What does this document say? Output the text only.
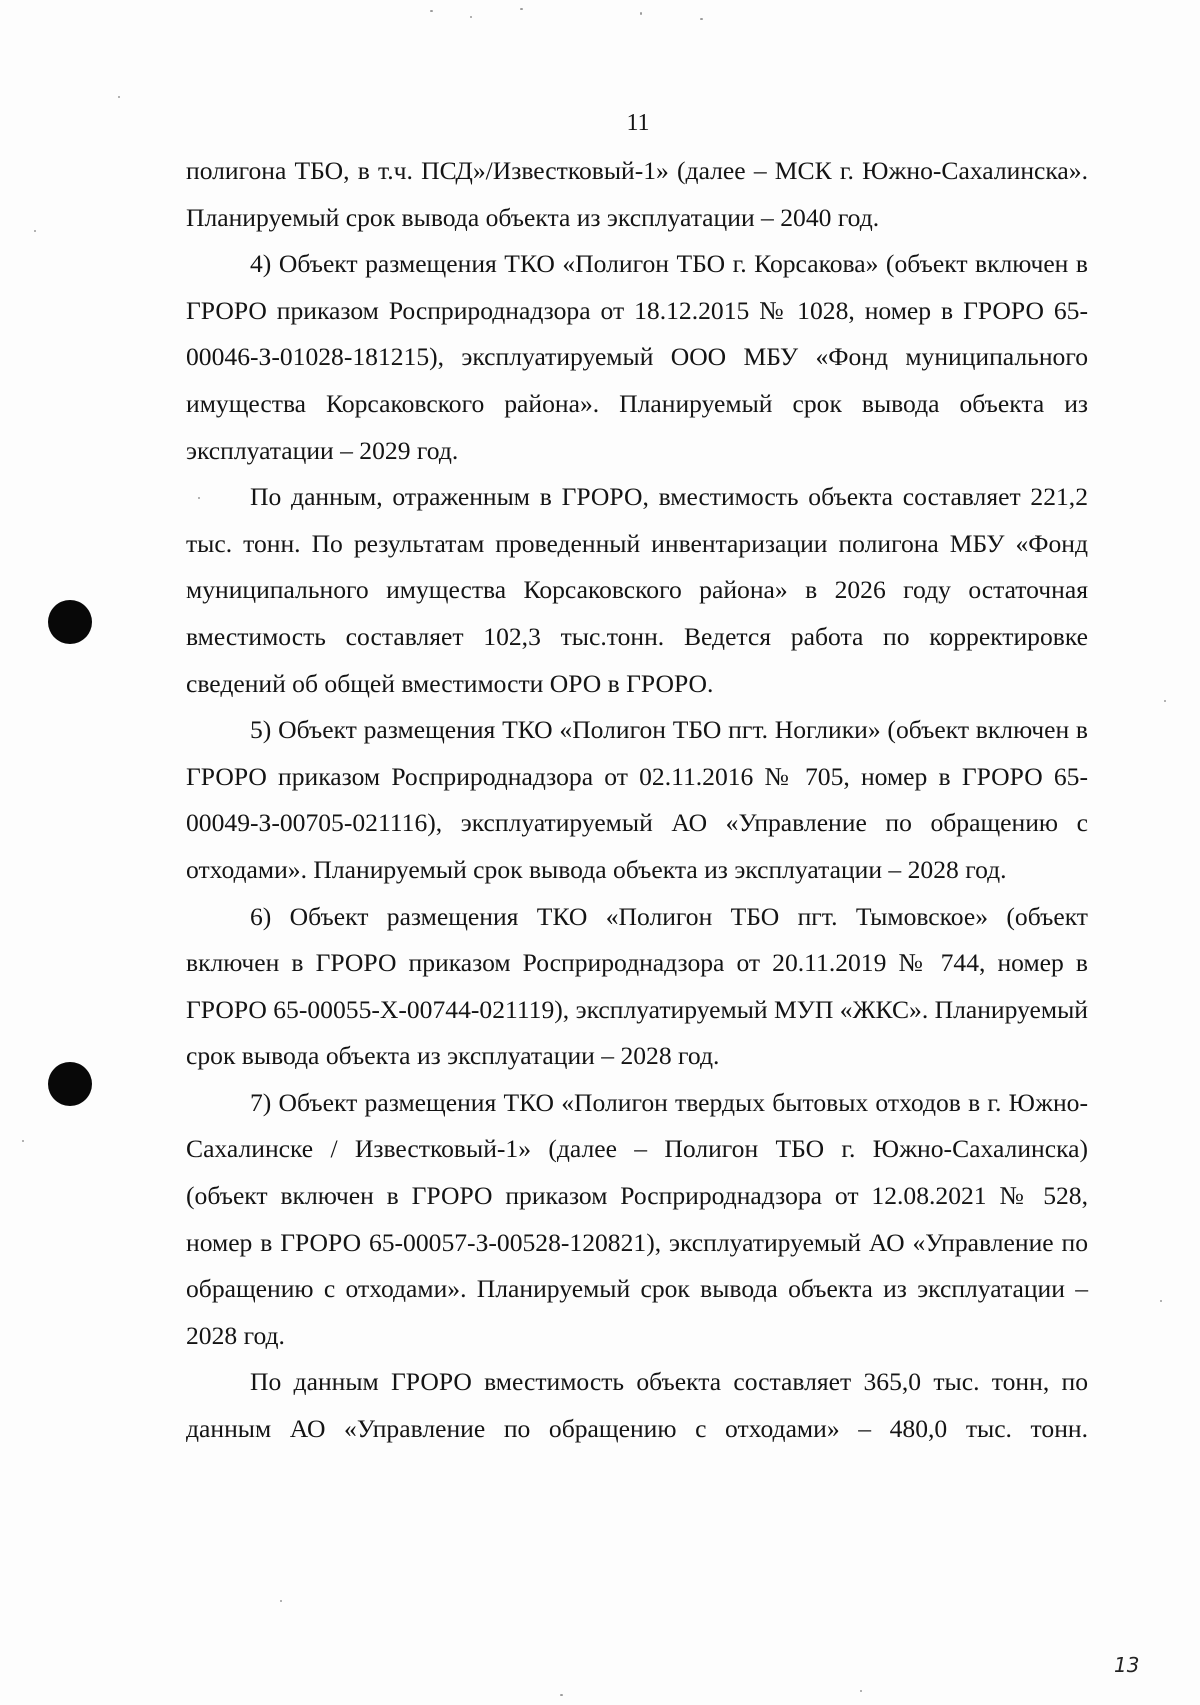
11

полигона ТБО, в т.ч. ПСД»/Известковый-1» (далее – МСК г. Южно-Сахалинска». Планируемый срок вывода объекта из эксплуатации – 2040 год.

4) Объект размещения ТКО «Полигон ТБО г. Корсакова» (объект включен в ГРОРО приказом Росприроднадзора от 18.12.2015 № 1028, номер в ГРОРО 65-00046-З-01028-181215), эксплуатируемый ООО МБУ «Фонд муниципального имущества Корсаковского района». Планируемый срок вывода объекта из эксплуатации – 2029 год.

По данным, отраженным в ГРОРО, вместимость объекта составляет 221,2 тыс. тонн. По результатам проведенный инвентаризации полигона МБУ «Фонд муниципального имущества Корсаковского района» в 2026 году остаточная вместимость составляет 102,3 тыс.тонн. Ведется работа по корректировке сведений об общей вместимости ОРО в ГРОРО.

5) Объект размещения ТКО «Полигон ТБО пгт. Ноглики» (объект включен в ГРОРО приказом Росприроднадзора от 02.11.2016 № 705, номер в ГРОРО 65-00049-З-00705-021116), эксплуатируемый АО «Управление по обращению с отходами». Планируемый срок вывода объекта из эксплуатации – 2028 год.

6) Объект размещения ТКО «Полигон ТБО пгт. Тымовское» (объект включен в ГРОРО приказом Росприроднадзора от 20.11.2019 № 744, номер в ГРОРО 65-00055-Х-00744-021119), эксплуатируемый МУП «ЖКС». Планируемый срок вывода объекта из эксплуатации – 2028 год.

7) Объект размещения ТКО «Полигон твердых бытовых отходов в г. Южно-Сахалинске / Известковый-1» (далее – Полигон ТБО г. Южно-Сахалинска) (объект включен в ГРОРО приказом Росприроднадзора от 12.08.2021 № 528, номер в ГРОРО 65-00057-З-00528-120821), эксплуатируемый АО «Управление по обращению с отходами». Планируемый срок вывода объекта из эксплуатации – 2028 год.

По данным ГРОРО вместимость объекта составляет 365,0 тыс. тонн, по данным АО «Управление по обращению с отходами» – 480,0 тыс. тонн.

13
